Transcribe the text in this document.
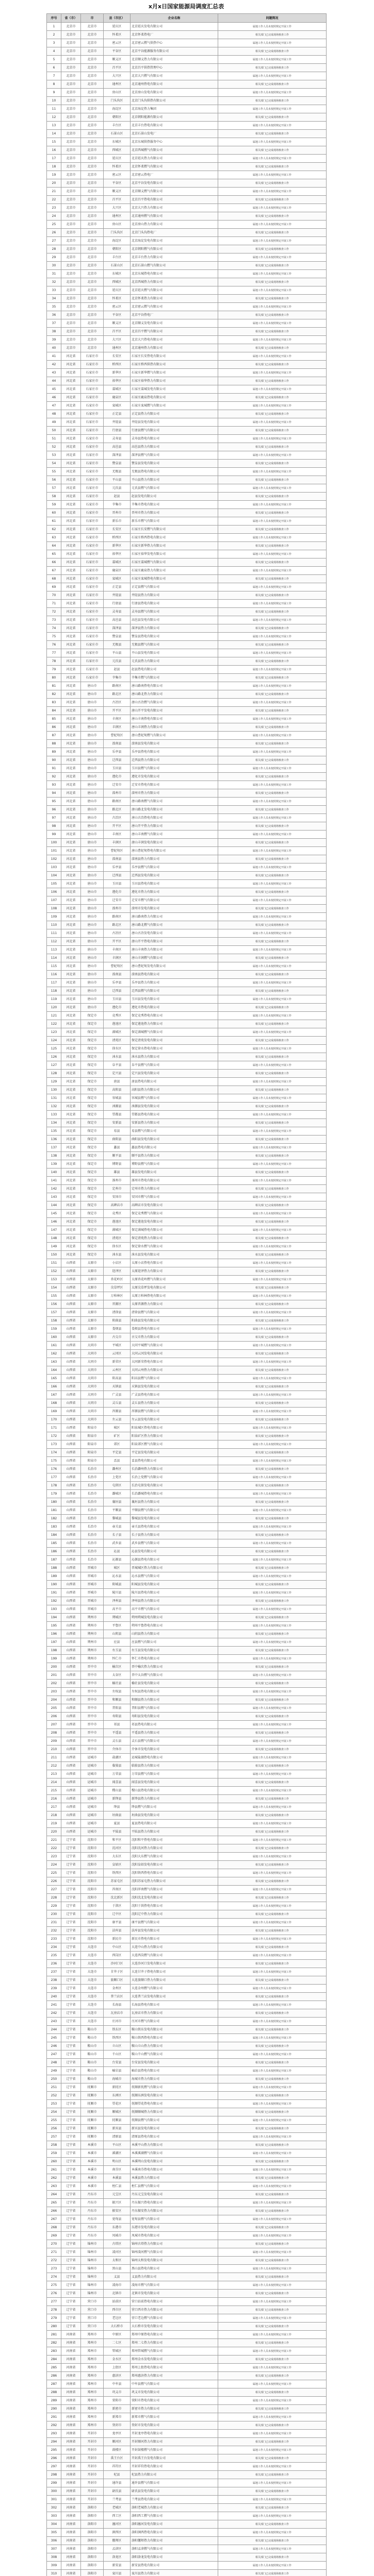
x月x日国家能源局调度汇总表
序号	省（市）	市	县（市区）	企业名称	问题简况
1	北京市	北京市	延庆区	北京延庆发电有限公司	属地工作人员未按照规定开展工作
2	北京市	北京市	怀柔区	北京怀柔热电厂	相关部门已完成现场核查工作
3	北京市	北京市	密云区	北京密云燃气供热中心	属地工作人员未按照规定开展工作
4	北京市	北京市	平谷区	北京平谷能源服务有限公司	相关部门已完成现场核查工作
5	北京市	北京市	顺义区	北京顺义热力有限公司	属地工作人员未按照规定开展工作
6	北京市	北京市	昌平区	北京昌平供热管理中心	相关部门已完成现场核查工作
7	北京市	北京市	大兴区	北京大兴燃气有限公司	属地工作人员未按照规定开展工作
8	北京市	北京市	通州区	北京通州热电有限公司	相关部门已完成现场核查工作
9	北京市	北京市	房山区	北京房山发电有限公司	属地工作人员未按照规定开展工作
10	北京市	北京市	门头沟区	北京门头沟供热有限公司	相关部门已完成现场核查工作
11	北京市	北京市	海淀区	北京海淀热力集团	属地工作人员未按照规定开展工作
12	北京市	北京市	朝阳区	北京朝阳能源有限公司	相关部门已完成现场核查工作
13	北京市	北京市	丰台区	北京丰台热电有限公司	属地工作人员未按照规定开展工作
14	北京市	北京市	石景山区	北京石景山发电厂	相关部门已完成现场核查工作
15	北京市	北京市	东城区	北京东城供热服务中心	属地工作人员未按照规定开展工作
16	北京市	北京市	西城区	北京西城燃气有限公司	相关部门已完成现场核查工作
17	北京市	北京市	延庆区	北京延庆热力有限公司	属地工作人员未按照规定开展工作
18	北京市	北京市	怀柔区	北京怀柔燃气有限公司	相关部门已完成现场核查工作
19	北京市	北京市	密云区	北京密云热电厂	属地工作人员未按照规定开展工作
20	北京市	北京市	平谷区	北京平谷发电有限公司	相关部门已完成现场核查工作
21	北京市	北京市	顺义区	北京顺义燃气有限公司	属地工作人员未按照规定开展工作
22	北京市	北京市	昌平区	北京昌平热电有限公司	相关部门已完成现场核查工作
23	北京市	北京市	大兴区	北京大兴热力有限公司	属地工作人员未按照规定开展工作
24	北京市	北京市	通州区	北京通州燃气有限公司	相关部门已完成现场核查工作
25	北京市	北京市	房山区	北京房山热力有限公司	属地工作人员未按照规定开展工作
26	北京市	北京市	门头沟区	北京门头沟热电厂	相关部门已完成现场核查工作
27	北京市	北京市	海淀区	北京海淀发电有限公司	属地工作人员未按照规定开展工作
28	北京市	北京市	朝阳区	北京朝阳燃气有限公司	相关部门已完成现场核查工作
29	北京市	北京市	丰台区	北京丰台热力有限公司	属地工作人员未按照规定开展工作
30	北京市	北京市	石景山区	北京石景山燃气有限公司	相关部门已完成现场核查工作
31	北京市	北京市	东城区	北京东城热电有限公司	属地工作人员未按照规定开展工作
32	北京市	北京市	西城区	北京西城热力有限公司	相关部门已完成现场核查工作
33	北京市	北京市	延庆区	北京延庆燃气有限公司	属地工作人员未按照规定开展工作
34	北京市	北京市	怀柔区	北京怀柔热力有限公司	相关部门已完成现场核查工作
35	北京市	北京市	密云区	北京密云燃气有限公司	属地工作人员未按照规定开展工作
36	北京市	北京市	平谷区	北京平谷热电厂	相关部门已完成现场核查工作
37	北京市	北京市	顺义区	北京顺义发电有限公司	属地工作人员未按照规定开展工作
38	北京市	北京市	昌平区	北京昌平燃气有限公司	相关部门已完成现场核查工作
39	北京市	北京市	大兴区	北京大兴热电有限公司	属地工作人员未按照规定开展工作
40	北京市	北京市	通州区	北京通州热力有限公司	相关部门已完成现场核查工作
41	河北省	石家庄市	长安区	石家庄长安热电有限公司	属地工作人员未按照规定开展工作
42	河北省	石家庄市	桥西区	石家庄桥西供热有限公司	相关部门已完成现场核查工作
43	河北省	石家庄市	新华区	石家庄新华燃气有限公司	属地工作人员未按照规定开展工作
44	河北省	石家庄市	裕华区	石家庄裕华热力有限公司	相关部门已完成现场核查工作
45	河北省	石家庄市	藁城区	石家庄藁城发电有限公司	属地工作人员未按照规定开展工作
46	河北省	石家庄市	鹿泉区	石家庄鹿泉热电有限公司	相关部门已完成现场核查工作
47	河北省	石家庄市	栾城区	石家庄栾城燃气有限公司	属地工作人员未按照规定开展工作
48	河北省	石家庄市	正定县	正定县热力有限公司	相关部门已完成现场核查工作
49	河北省	石家庄市	井陉县	井陉县发电有限公司	属地工作人员未按照规定开展工作
50	河北省	石家庄市	行唐县	行唐县燃气有限公司	相关部门已完成现场核查工作
51	河北省	石家庄市	灵寿县	灵寿县热电有限公司	属地工作人员未按照规定开展工作
52	河北省	石家庄市	高邑县	高邑县热力有限公司	相关部门已完成现场核查工作
53	河北省	石家庄市	深泽县	深泽县燃气有限公司	属地工作人员未按照规定开展工作
54	河北省	石家庄市	赞皇县	赞皇县发电有限公司	相关部门已完成现场核查工作
55	河北省	石家庄市	无极县	无极县热电有限公司	属地工作人员未按照规定开展工作
56	河北省	石家庄市	平山县	平山县热力有限公司	相关部门已完成现场核查工作
57	河北省	石家庄市	元氏县	元氏县燃气有限公司	属地工作人员未按照规定开展工作
58	河北省	石家庄市	赵县	赵县发电有限公司	相关部门已完成现场核查工作
59	河北省	石家庄市	辛集市	辛集市热电有限公司	属地工作人员未按照规定开展工作
60	河北省	石家庄市	晋州市	晋州市热力有限公司	相关部门已完成现场核查工作
61	河北省	石家庄市	新乐市	新乐市燃气有限公司	属地工作人员未按照规定开展工作
62	河北省	石家庄市	长安区	石家庄长安燃气有限公司	相关部门已完成现场核查工作
63	河北省	石家庄市	桥西区	石家庄桥西热电有限公司	属地工作人员未按照规定开展工作
64	河北省	石家庄市	新华区	石家庄新华热力有限公司	相关部门已完成现场核查工作
65	河北省	石家庄市	裕华区	石家庄裕华发电有限公司	属地工作人员未按照规定开展工作
66	河北省	石家庄市	藁城区	石家庄藁城燃气有限公司	相关部门已完成现场核查工作
67	河北省	石家庄市	鹿泉区	石家庄鹿泉热力有限公司	属地工作人员未按照规定开展工作
68	河北省	石家庄市	栾城区	石家庄栾城热电有限公司	相关部门已完成现场核查工作
69	河北省	石家庄市	正定县	正定县燃气有限公司	属地工作人员未按照规定开展工作
70	河北省	石家庄市	井陉县	井陉县热力有限公司	相关部门已完成现场核查工作
71	河北省	石家庄市	行唐县	行唐县热电有限公司	属地工作人员未按照规定开展工作
72	河北省	石家庄市	灵寿县	灵寿县燃气有限公司	相关部门已完成现场核查工作
73	河北省	石家庄市	高邑县	高邑县发电有限公司	属地工作人员未按照规定开展工作
74	河北省	石家庄市	深泽县	深泽县热力有限公司	相关部门已完成现场核查工作
75	河北省	石家庄市	赞皇县	赞皇县热电有限公司	属地工作人员未按照规定开展工作
76	河北省	石家庄市	无极县	无极县燃气有限公司	相关部门已完成现场核查工作
77	河北省	石家庄市	平山县	平山县发电有限公司	属地工作人员未按照规定开展工作
78	河北省	石家庄市	元氏县	元氏县热力有限公司	相关部门已完成现场核查工作
79	河北省	石家庄市	赵县	赵县热电有限公司	属地工作人员未按照规定开展工作
80	河北省	石家庄市	辛集市	辛集市燃气有限公司	相关部门已完成现场核查工作
81	河北省	唐山市	路南区	唐山路南热电有限公司	属地工作人员未按照规定开展工作
82	河北省	唐山市	路北区	唐山路北热力有限公司	相关部门已完成现场核查工作
83	河北省	唐山市	古冶区	唐山古冶燃气有限公司	属地工作人员未按照规定开展工作
84	河北省	唐山市	开平区	唐山开平发电有限公司	相关部门已完成现场核查工作
85	河北省	唐山市	丰南区	唐山丰南热电有限公司	属地工作人员未按照规定开展工作
86	河北省	唐山市	丰润区	唐山丰润热力有限公司	相关部门已完成现场核查工作
87	河北省	唐山市	曹妃甸区	唐山曹妃甸燃气有限公司	属地工作人员未按照规定开展工作
88	河北省	唐山市	滦南县	滦南县发电有限公司	相关部门已完成现场核查工作
89	河北省	唐山市	乐亭县	乐亭县热电有限公司	属地工作人员未按照规定开展工作
90	河北省	唐山市	迁西县	迁西县热力有限公司	相关部门已完成现场核查工作
91	河北省	唐山市	玉田县	玉田县燃气有限公司	属地工作人员未按照规定开展工作
92	河北省	唐山市	遵化市	遵化市发电有限公司	相关部门已完成现场核查工作
93	河北省	唐山市	迁安市	迁安市热电有限公司	属地工作人员未按照规定开展工作
94	河北省	唐山市	滦州市	滦州市热力有限公司	相关部门已完成现场核查工作
95	河北省	唐山市	路南区	唐山路南燃气有限公司	属地工作人员未按照规定开展工作
96	河北省	唐山市	路北区	唐山路北发电有限公司	相关部门已完成现场核查工作
97	河北省	唐山市	古冶区	唐山古冶热电有限公司	属地工作人员未按照规定开展工作
98	河北省	唐山市	开平区	唐山开平热力有限公司	相关部门已完成现场核查工作
99	河北省	唐山市	丰南区	唐山丰南燃气有限公司	属地工作人员未按照规定开展工作
100	河北省	唐山市	丰润区	唐山丰润发电有限公司	相关部门已完成现场核查工作
101	河北省	唐山市	曹妃甸区	唐山曹妃甸热电有限公司	属地工作人员未按照规定开展工作
102	河北省	唐山市	滦南县	滦南县热力有限公司	相关部门已完成现场核查工作
103	河北省	唐山市	乐亭县	乐亭县燃气有限公司	属地工作人员未按照规定开展工作
104	河北省	唐山市	迁西县	迁西县发电有限公司	相关部门已完成现场核查工作
105	河北省	唐山市	玉田县	玉田县热电有限公司	属地工作人员未按照规定开展工作
106	河北省	唐山市	遵化市	遵化市热力有限公司	相关部门已完成现场核查工作
107	河北省	唐山市	迁安市	迁安市燃气有限公司	属地工作人员未按照规定开展工作
108	河北省	唐山市	滦州市	滦州市发电有限公司	相关部门已完成现场核查工作
109	河北省	唐山市	路南区	唐山路南热力有限公司	属地工作人员未按照规定开展工作
110	河北省	唐山市	路北区	唐山路北燃气有限公司	相关部门已完成现场核查工作
111	河北省	唐山市	古冶区	唐山古冶发电有限公司	属地工作人员未按照规定开展工作
112	河北省	唐山市	开平区	唐山开平热电有限公司	相关部门已完成现场核查工作
113	河北省	唐山市	丰南区	唐山丰南热力有限公司	属地工作人员未按照规定开展工作
114	河北省	唐山市	丰润区	唐山丰润燃气有限公司	相关部门已完成现场核查工作
115	河北省	唐山市	曹妃甸区	唐山曹妃甸发电有限公司	属地工作人员未按照规定开展工作
116	河北省	唐山市	滦南县	滦南县热电有限公司	相关部门已完成现场核查工作
117	河北省	唐山市	乐亭县	乐亭县热力有限公司	属地工作人员未按照规定开展工作
118	河北省	唐山市	迁西县	迁西县燃气有限公司	相关部门已完成现场核查工作
119	河北省	唐山市	玉田县	玉田县发电有限公司	属地工作人员未按照规定开展工作
120	河北省	唐山市	遵化市	遵化市热电有限公司	相关部门已完成现场核查工作
121	河北省	保定市	竞秀区	保定竞秀热电有限公司	属地工作人员未按照规定开展工作
122	河北省	保定市	莲池区	保定莲池热力有限公司	相关部门已完成现场核查工作
123	河北省	保定市	满城区	保定满城燃气有限公司	属地工作人员未按照规定开展工作
124	河北省	保定市	清苑区	保定清苑发电有限公司	相关部门已完成现场核查工作
125	河北省	保定市	徐水区	保定徐水热电有限公司	属地工作人员未按照规定开展工作
126	河北省	保定市	涞水县	涞水县热力有限公司	相关部门已完成现场核查工作
127	河北省	保定市	阜平县	阜平县燃气有限公司	属地工作人员未按照规定开展工作
128	河北省	保定市	定兴县	定兴县发电有限公司	相关部门已完成现场核查工作
129	河北省	保定市	唐县	唐县热电有限公司	属地工作人员未按照规定开展工作
130	河北省	保定市	高阳县	高阳县热力有限公司	相关部门已完成现场核查工作
131	河北省	保定市	容城县	容城县燃气有限公司	属地工作人员未按照规定开展工作
132	河北省	保定市	涞源县	涞源县发电有限公司	相关部门已完成现场核查工作
133	河北省	保定市	望都县	望都县热电有限公司	属地工作人员未按照规定开展工作
134	河北省	保定市	安新县	安新县热力有限公司	相关部门已完成现场核查工作
135	河北省	保定市	易县	易县燃气有限公司	属地工作人员未按照规定开展工作
136	河北省	保定市	曲阳县	曲阳县发电有限公司	相关部门已完成现场核查工作
137	河北省	保定市	蠡县	蠡县热电有限公司	属地工作人员未按照规定开展工作
138	河北省	保定市	顺平县	顺平县热力有限公司	相关部门已完成现场核查工作
139	河北省	保定市	博野县	博野县燃气有限公司	属地工作人员未按照规定开展工作
140	河北省	保定市	雄县	雄县发电有限公司	相关部门已完成现场核查工作
141	河北省	保定市	涿州市	涿州市热电有限公司	属地工作人员未按照规定开展工作
142	河北省	保定市	定州市	定州市热力有限公司	相关部门已完成现场核查工作
143	河北省	保定市	安国市	安国市燃气有限公司	属地工作人员未按照规定开展工作
144	河北省	保定市	高碑店市	高碑店市发电有限公司	相关部门已完成现场核查工作
145	河北省	保定市	竞秀区	保定竞秀燃气有限公司	属地工作人员未按照规定开展工作
146	河北省	保定市	莲池区	保定莲池发电有限公司	相关部门已完成现场核查工作
147	河北省	保定市	满城区	保定满城热电有限公司	属地工作人员未按照规定开展工作
148	河北省	保定市	清苑区	保定清苑热力有限公司	相关部门已完成现场核查工作
149	河北省	保定市	徐水区	保定徐水燃气有限公司	属地工作人员未按照规定开展工作
150	河北省	保定市	涞水县	涞水县发电有限公司	相关部门已完成现场核查工作
151	山西省	太原市	小店区	太原小店热电有限公司	属地工作人员未按照规定开展工作
152	山西省	太原市	迎泽区	太原迎泽热力有限公司	相关部门已完成现场核查工作
153	山西省	太原市	杏花岭区	太原杏花岭燃气有限公司	属地工作人员未按照规定开展工作
154	山西省	太原市	尖草坪区	太原尖草坪发电有限公司	相关部门已完成现场核查工作
155	山西省	太原市	万柏林区	太原万柏林热电有限公司	属地工作人员未按照规定开展工作
156	山西省	太原市	晋源区	太原晋源热力有限公司	相关部门已完成现场核查工作
157	山西省	太原市	清徐县	清徐县燃气有限公司	属地工作人员未按照规定开展工作
158	山西省	太原市	阳曲县	阳曲县发电有限公司	相关部门已完成现场核查工作
159	山西省	太原市	娄烦县	娄烦县热电有限公司	属地工作人员未按照规定开展工作
160	山西省	太原市	古交市	古交市热力有限公司	相关部门已完成现场核查工作
161	山西省	大同市	平城区	大同平城燃气有限公司	属地工作人员未按照规定开展工作
162	山西省	大同市	云冈区	大同云冈发电有限公司	相关部门已完成现场核查工作
163	山西省	大同市	新荣区	大同新荣热电有限公司	属地工作人员未按照规定开展工作
164	山西省	大同市	云州区	大同云州热力有限公司	相关部门已完成现场核查工作
165	山西省	大同市	阳高县	阳高县燃气有限公司	属地工作人员未按照规定开展工作
166	山西省	大同市	天镇县	天镇县发电有限公司	相关部门已完成现场核查工作
167	山西省	大同市	广灵县	广灵县热电有限公司	属地工作人员未按照规定开展工作
168	山西省	大同市	灵丘县	灵丘县热力有限公司	相关部门已完成现场核查工作
169	山西省	大同市	浑源县	浑源县燃气有限公司	属地工作人员未按照规定开展工作
170	山西省	大同市	左云县	左云县发电有限公司	相关部门已完成现场核查工作
171	山西省	阳泉市	城区	阳泉城区热电有限公司	属地工作人员未按照规定开展工作
172	山西省	阳泉市	矿区	阳泉矿区热力有限公司	相关部门已完成现场核查工作
173	山西省	阳泉市	郊区	阳泉郊区燃气有限公司	属地工作人员未按照规定开展工作
174	山西省	阳泉市	平定县	平定县发电有限公司	相关部门已完成现场核查工作
175	山西省	阳泉市	盂县	盂县热电有限公司	属地工作人员未按照规定开展工作
176	山西省	长治市	潞州区	长治潞州热力有限公司	相关部门已完成现场核查工作
177	山西省	长治市	上党区	长治上党燃气有限公司	属地工作人员未按照规定开展工作
178	山西省	长治市	屯留区	长治屯留发电有限公司	相关部门已完成现场核查工作
179	山西省	长治市	潞城区	长治潞城热电有限公司	属地工作人员未按照规定开展工作
180	山西省	长治市	襄垣县	襄垣县热力有限公司	相关部门已完成现场核查工作
181	山西省	长治市	平顺县	平顺县燃气有限公司	属地工作人员未按照规定开展工作
182	山西省	长治市	黎城县	黎城县发电有限公司	相关部门已完成现场核查工作
183	山西省	长治市	壶关县	壶关县热电有限公司	属地工作人员未按照规定开展工作
184	山西省	长治市	长子县	长子县热力有限公司	相关部门已完成现场核查工作
185	山西省	长治市	武乡县	武乡县燃气有限公司	属地工作人员未按照规定开展工作
186	山西省	长治市	沁县	沁县发电有限公司	相关部门已完成现场核查工作
187	山西省	长治市	沁源县	沁源县热电有限公司	属地工作人员未按照规定开展工作
188	山西省	晋城市	城区	晋城城区热力有限公司	相关部门已完成现场核查工作
189	山西省	晋城市	沁水县	沁水县燃气有限公司	属地工作人员未按照规定开展工作
190	山西省	晋城市	阳城县	阳城县发电有限公司	相关部门已完成现场核查工作
191	山西省	晋城市	陵川县	陵川县热电有限公司	属地工作人员未按照规定开展工作
192	山西省	晋城市	泽州县	泽州县热力有限公司	相关部门已完成现场核查工作
193	山西省	晋城市	高平市	高平市燃气有限公司	属地工作人员未按照规定开展工作
194	山西省	朔州市	朔城区	朔州朔城发电有限公司	相关部门已完成现场核查工作
195	山西省	朔州市	平鲁区	朔州平鲁热电有限公司	属地工作人员未按照规定开展工作
196	山西省	朔州市	山阴县	山阴县热力有限公司	相关部门已完成现场核查工作
197	山西省	朔州市	应县	应县燃气有限公司	属地工作人员未按照规定开展工作
198	山西省	朔州市	右玉县	右玉县发电有限公司	相关部门已完成现场核查工作
199	山西省	朔州市	怀仁市	怀仁市热电有限公司	属地工作人员未按照规定开展工作
200	山西省	晋中市	榆次区	晋中榆次热力有限公司	相关部门已完成现场核查工作
201	山西省	晋中市	太谷区	晋中太谷燃气有限公司	属地工作人员未按照规定开展工作
202	山西省	晋中市	榆社县	榆社县发电有限公司	相关部门已完成现场核查工作
203	山西省	晋中市	左权县	左权县热电有限公司	属地工作人员未按照规定开展工作
204	山西省	晋中市	和顺县	和顺县热力有限公司	相关部门已完成现场核查工作
205	山西省	晋中市	昔阳县	昔阳县燃气有限公司	属地工作人员未按照规定开展工作
206	山西省	晋中市	寿阳县	寿阳县发电有限公司	相关部门已完成现场核查工作
207	山西省	晋中市	祁县	祁县热电有限公司	属地工作人员未按照规定开展工作
208	山西省	晋中市	平遥县	平遥县热力有限公司	相关部门已完成现场核查工作
209	山西省	晋中市	灵石县	灵石县燃气有限公司	属地工作人员未按照规定开展工作
210	山西省	晋中市	介休市	介休市发电有限公司	相关部门已完成现场核查工作
211	山西省	运城市	盐湖区	运城盐湖热电有限公司	属地工作人员未按照规定开展工作
212	山西省	运城市	临猗县	临猗县热力有限公司	相关部门已完成现场核查工作
213	山西省	运城市	万荣县	万荣县燃气有限公司	属地工作人员未按照规定开展工作
214	山西省	运城市	闻喜县	闻喜县发电有限公司	相关部门已完成现场核查工作
215	山西省	运城市	稷山县	稷山县热电有限公司	属地工作人员未按照规定开展工作
216	山西省	运城市	新绛县	新绛县热力有限公司	相关部门已完成现场核查工作
217	山西省	运城市	绛县	绛县燃气有限公司	属地工作人员未按照规定开展工作
218	山西省	运城市	垣曲县	垣曲县发电有限公司	相关部门已完成现场核查工作
219	山西省	运城市	夏县	夏县热电有限公司	属地工作人员未按照规定开展工作
220	山西省	运城市	平陆县	平陆县热力有限公司	相关部门已完成现场核查工作
221	辽宁省	沈阳市	和平区	沈阳和平热电有限公司	属地工作人员未按照规定开展工作
222	辽宁省	沈阳市	沈河区	沈阳沈河热力有限公司	相关部门已完成现场核查工作
223	辽宁省	沈阳市	大东区	沈阳大东燃气有限公司	属地工作人员未按照规定开展工作
224	辽宁省	沈阳市	皇姑区	沈阳皇姑发电有限公司	相关部门已完成现场核查工作
225	辽宁省	沈阳市	铁西区	沈阳铁西热电有限公司	属地工作人员未按照规定开展工作
226	辽宁省	沈阳市	苏家屯区	沈阳苏家屯热力有限公司	相关部门已完成现场核查工作
227	辽宁省	沈阳市	浑南区	沈阳浑南燃气有限公司	属地工作人员未按照规定开展工作
228	辽宁省	沈阳市	沈北新区	沈阳沈北发电有限公司	相关部门已完成现场核查工作
229	辽宁省	沈阳市	于洪区	沈阳于洪热电有限公司	属地工作人员未按照规定开展工作
230	辽宁省	沈阳市	辽中区	沈阳辽中热力有限公司	相关部门已完成现场核查工作
231	辽宁省	沈阳市	康平县	康平县燃气有限公司	属地工作人员未按照规定开展工作
232	辽宁省	沈阳市	法库县	法库县发电有限公司	相关部门已完成现场核查工作
233	辽宁省	沈阳市	新民市	新民市热电有限公司	属地工作人员未按照规定开展工作
234	辽宁省	大连市	中山区	大连中山热力有限公司	相关部门已完成现场核查工作
235	辽宁省	大连市	西岗区	大连西岗燃气有限公司	属地工作人员未按照规定开展工作
236	辽宁省	大连市	沙河口区	大连沙河口发电有限公司	相关部门已完成现场核查工作
237	辽宁省	大连市	甘井子区	大连甘井子热电有限公司	属地工作人员未按照规定开展工作
238	辽宁省	大连市	旅顺口区	大连旅顺口热力有限公司	相关部门已完成现场核查工作
239	辽宁省	大连市	金州区	大连金州燃气有限公司	属地工作人员未按照规定开展工作
240	辽宁省	大连市	普兰店区	大连普兰店发电有限公司	相关部门已完成现场核查工作
241	辽宁省	大连市	长海县	长海县热电有限公司	属地工作人员未按照规定开展工作
242	辽宁省	大连市	瓦房店市	瓦房店市热力有限公司	相关部门已完成现场核查工作
243	辽宁省	大连市	庄河市	庄河市燃气有限公司	属地工作人员未按照规定开展工作
244	辽宁省	鞍山市	铁东区	鞍山铁东发电有限公司	相关部门已完成现场核查工作
245	辽宁省	鞍山市	铁西区	鞍山铁西热电有限公司	属地工作人员未按照规定开展工作
246	辽宁省	鞍山市	立山区	鞍山立山热力有限公司	相关部门已完成现场核查工作
247	辽宁省	鞍山市	千山区	鞍山千山燃气有限公司	属地工作人员未按照规定开展工作
248	辽宁省	鞍山市	台安县	台安县发电有限公司	相关部门已完成现场核查工作
249	辽宁省	鞍山市	岫岩县	岫岩县热电有限公司	属地工作人员未按照规定开展工作
250	辽宁省	鞍山市	海城市	海城市热力有限公司	相关部门已完成现场核查工作
251	辽宁省	抚顺市	新抚区	抚顺新抚燃气有限公司	属地工作人员未按照规定开展工作
252	辽宁省	抚顺市	东洲区	抚顺东洲发电有限公司	相关部门已完成现场核查工作
253	辽宁省	抚顺市	望花区	抚顺望花热电有限公司	属地工作人员未按照规定开展工作
254	辽宁省	抚顺市	顺城区	抚顺顺城热力有限公司	相关部门已完成现场核查工作
255	辽宁省	抚顺市	抚顺县	抚顺县燃气有限公司	属地工作人员未按照规定开展工作
256	辽宁省	抚顺市	新宾县	新宾县发电有限公司	相关部门已完成现场核查工作
257	辽宁省	抚顺市	清原县	清原县热电有限公司	属地工作人员未按照规定开展工作
258	辽宁省	本溪市	平山区	本溪平山热力有限公司	相关部门已完成现场核查工作
259	辽宁省	本溪市	溪湖区	本溪溪湖燃气有限公司	属地工作人员未按照规定开展工作
260	辽宁省	本溪市	明山区	本溪明山发电有限公司	相关部门已完成现场核查工作
261	辽宁省	本溪市	南芬区	本溪南芬热电有限公司	属地工作人员未按照规定开展工作
262	辽宁省	本溪市	本溪县	本溪县热力有限公司	相关部门已完成现场核查工作
263	辽宁省	本溪市	桓仁县	桓仁县燃气有限公司	属地工作人员未按照规定开展工作
264	辽宁省	丹东市	元宝区	丹东元宝发电有限公司	相关部门已完成现场核查工作
265	辽宁省	丹东市	振兴区	丹东振兴热电有限公司	属地工作人员未按照规定开展工作
266	辽宁省	丹东市	振安区	丹东振安热力有限公司	相关部门已完成现场核查工作
267	辽宁省	丹东市	宽甸县	宽甸县燃气有限公司	属地工作人员未按照规定开展工作
268	辽宁省	丹东市	东港市	东港市发电有限公司	相关部门已完成现场核查工作
269	辽宁省	丹东市	凤城市	凤城市热电有限公司	属地工作人员未按照规定开展工作
270	辽宁省	锦州市	古塔区	锦州古塔热力有限公司	相关部门已完成现场核查工作
271	辽宁省	锦州市	凌河区	锦州凌河燃气有限公司	属地工作人员未按照规定开展工作
272	辽宁省	锦州市	太和区	锦州太和发电有限公司	相关部门已完成现场核查工作
273	辽宁省	锦州市	黑山县	黑山县热电有限公司	属地工作人员未按照规定开展工作
274	辽宁省	锦州市	义县	义县热力有限公司	相关部门已完成现场核查工作
275	辽宁省	锦州市	凌海市	凌海市燃气有限公司	属地工作人员未按照规定开展工作
276	辽宁省	锦州市	北镇市	北镇市发电有限公司	相关部门已完成现场核查工作
277	辽宁省	营口市	站前区	营口站前热电有限公司	属地工作人员未按照规定开展工作
278	辽宁省	营口市	西市区	营口西市热力有限公司	相关部门已完成现场核查工作
279	辽宁省	营口市	老边区	营口老边燃气有限公司	属地工作人员未按照规定开展工作
280	辽宁省	营口市	大石桥市	大石桥市发电有限公司	相关部门已完成现场核查工作
281	河南省	郑州市	中原区	郑州中原热电有限公司	属地工作人员未按照规定开展工作
282	河南省	郑州市	二七区	郑州二七热力有限公司	相关部门已完成现场核查工作
283	河南省	郑州市	管城区	郑州管城燃气有限公司	属地工作人员未按照规定开展工作
284	河南省	郑州市	金水区	郑州金水发电有限公司	相关部门已完成现场核查工作
285	河南省	郑州市	上街区	郑州上街热电有限公司	属地工作人员未按照规定开展工作
286	河南省	郑州市	惠济区	郑州惠济热力有限公司	相关部门已完成现场核查工作
287	河南省	郑州市	中牟县	中牟县燃气有限公司	属地工作人员未按照规定开展工作
288	河南省	郑州市	巩义市	巩义市发电有限公司	相关部门已完成现场核查工作
289	河南省	郑州市	荥阳市	荥阳市热电有限公司	属地工作人员未按照规定开展工作
290	河南省	郑州市	新密市	新密市热力有限公司	相关部门已完成现场核查工作
291	河南省	郑州市	新郑市	新郑市燃气有限公司	属地工作人员未按照规定开展工作
292	河南省	郑州市	登封市	登封市发电有限公司	相关部门已完成现场核查工作
293	河南省	开封市	龙亭区	开封龙亭热电有限公司	属地工作人员未按照规定开展工作
294	河南省	开封市	顺河区	开封顺河热力有限公司	相关部门已完成现场核查工作
295	河南省	开封市	鼓楼区	开封鼓楼燃气有限公司	属地工作人员未按照规定开展工作
296	河南省	开封市	禹王台区	开封禹王台发电有限公司	相关部门已完成现场核查工作
297	河南省	开封市	祥符区	开封祥符热电有限公司	属地工作人员未按照规定开展工作
298	河南省	开封市	杞县	杞县热力有限公司	相关部门已完成现场核查工作
299	河南省	开封市	通许县	通许县燃气有限公司	属地工作人员未按照规定开展工作
300	河南省	开封市	尉氏县	尉氏县发电有限公司	相关部门已完成现场核查工作
301	河南省	开封市	兰考县	兰考县热电有限公司	属地工作人员未按照规定开展工作
302	河南省	洛阳市	老城区	洛阳老城热力有限公司	相关部门已完成现场核查工作
303	河南省	洛阳市	西工区	洛阳西工燃气有限公司	属地工作人员未按照规定开展工作
304	河南省	洛阳市	瀍河区	洛阳瀍河发电有限公司	相关部门已完成现场核查工作
305	河南省	洛阳市	涧西区	洛阳涧西热电有限公司	属地工作人员未按照规定开展工作
306	河南省	洛阳市	偃师区	洛阳偃师热力有限公司	相关部门已完成现场核查工作
307	河南省	洛阳市	孟津区	洛阳孟津燃气有限公司	属地工作人员未按照规定开展工作
308	河南省	洛阳市	洛龙区	洛阳洛龙发电有限公司	相关部门已完成现场核查工作
309	河南省	洛阳市	新安县	新安县热电有限公司	属地工作人员未按照规定开展工作
310	河南省	洛阳市	栾川县	栾川县热力有限公司	相关部门已完成现场核查工作
